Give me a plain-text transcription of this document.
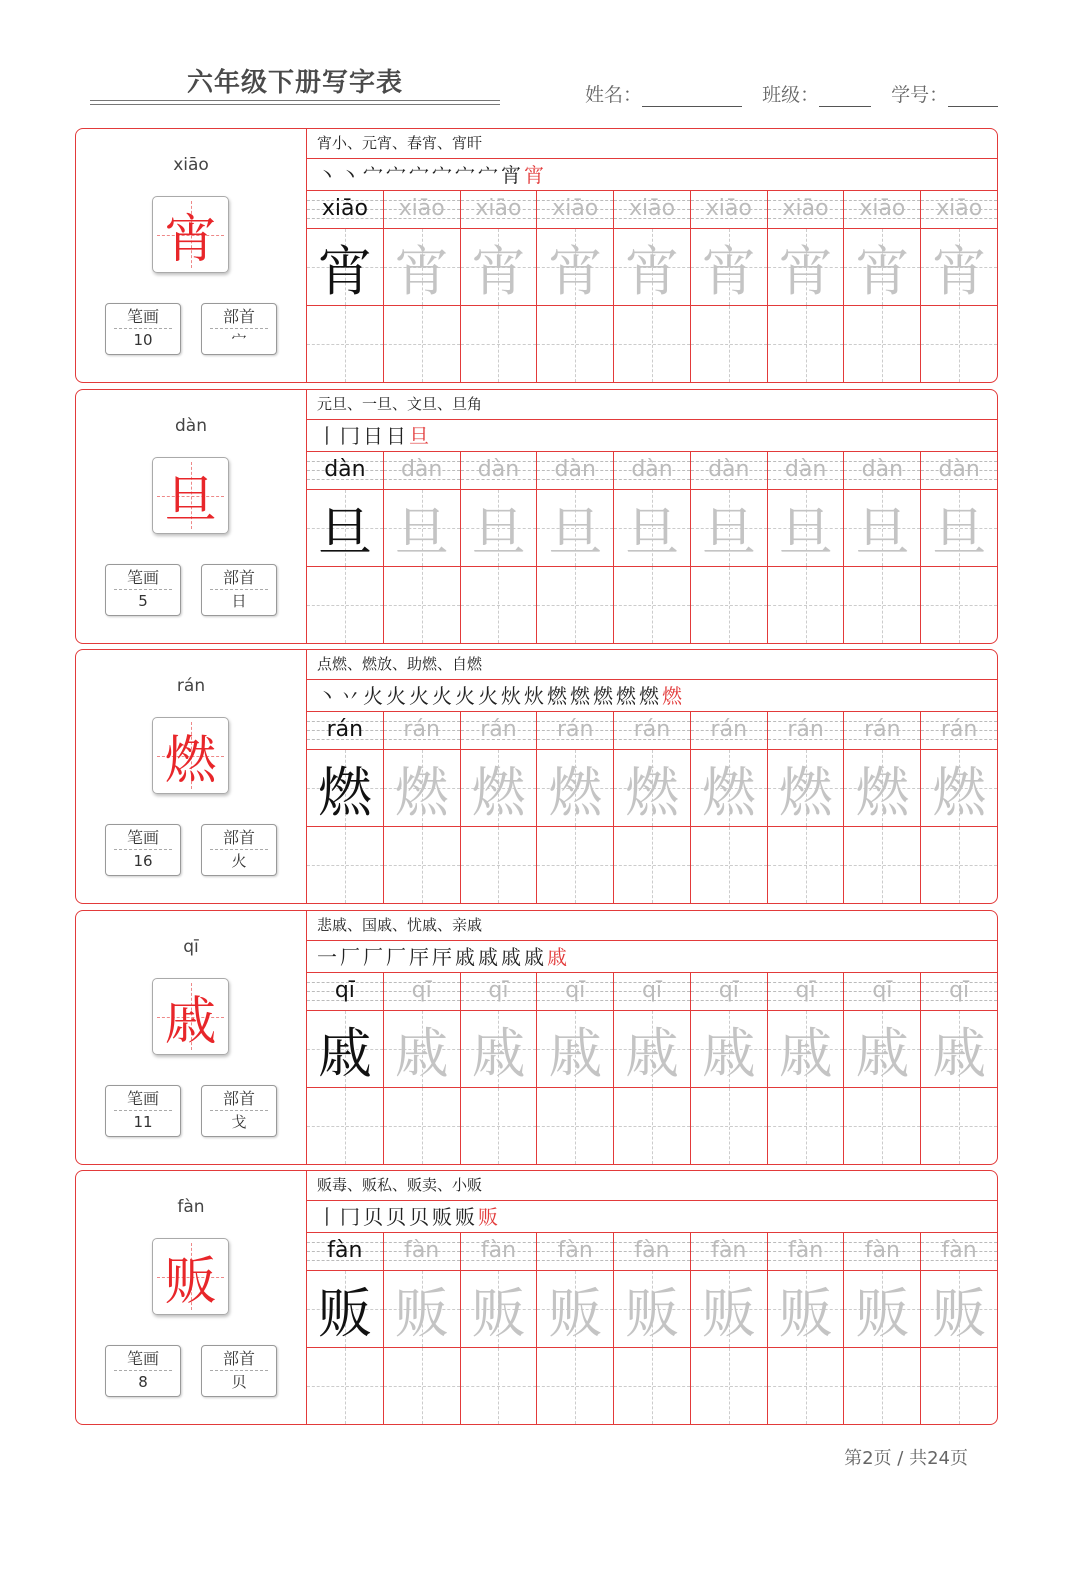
六年级下册写字表	姓名：	班级：	学号：
xiāo
宵
笔画
10
部首
宀
宵小、元宵、春宵、宵旰
丶丶宀宀宀宀宀宀宵宵
xiāo	xiāo	xiāo	xiāo	xiāo	xiāo	xiāo	xiāo	xiāo
宵 宵 宵 宵 宵 宵 宵 宵 宵
dàn
旦
笔画
5
部首
日
元旦、一旦、文旦、旦角
丨冂日日旦
dàn	dàn	dàn	dàn	dàn	dàn	dàn	dàn	dàn
旦 旦 旦 旦 旦 旦 旦 旦 旦
rán
燃
笔画
16
部首
火
点燃、燃放、助燃、自燃
丶丷火火火火火火炏炏燃燃燃燃燃燃
rán	rán	rán	rán	rán	rán	rán	rán	rán
燃 燃 燃 燃 燃 燃 燃 燃 燃
qī
戚
笔画
11
部首
戈
悲戚、国戚、忧戚、亲戚
一厂厂厂厈厈戚戚戚戚戚
qī	qī	qī	qī	qī	qī	qī	qī	qī
戚 戚 戚 戚 戚 戚 戚 戚 戚
fàn
贩
笔画
8
部首
贝
贩毒、贩私、贩卖、小贩
丨冂贝贝贝贩贩贩
fàn	fàn	fàn	fàn	fàn	fàn	fàn	fàn	fàn
贩 贩 贩 贩 贩 贩 贩 贩 贩
第2页 / 共24页
